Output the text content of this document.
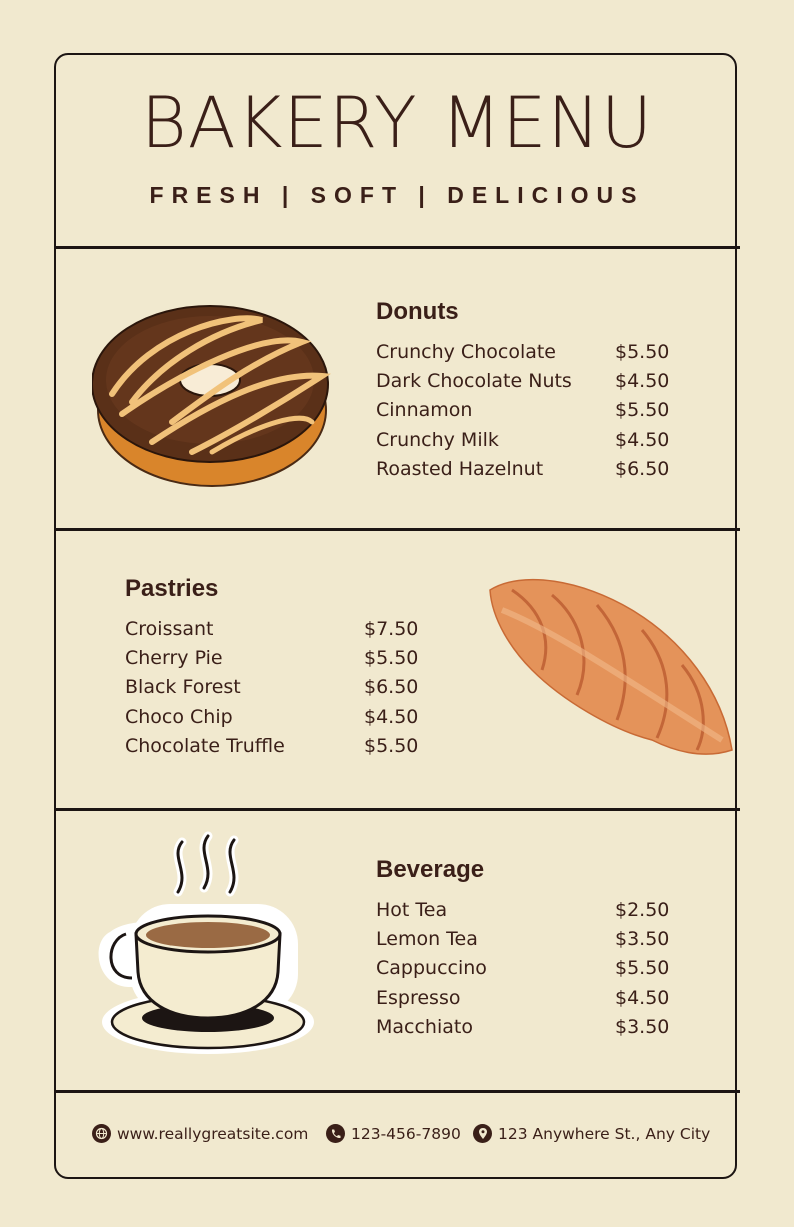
BAKERY MENU
FRESH | SOFT | DELICIOUS
Donuts
Crunchy Chocolate	$5.50
Dark Chocolate Nuts $4.50
Cinnamon	$5.50
Crunchy Milk	$4.50
Roasted Hazelnut	$6.50
Pastries
Croissant	$7.50
Cherry Pie	$5.50
Black Forest	$6.50
Choco Chip	$4.50
Chocolate Truffle	$5.50
Beverage
Hot Tea	$2.50
Lemon Tea	$3.50
Cappuccino	$5.50
Espresso	$4.50
Macchiato	$3.50
www.reallygreatsite.com	123-456-7890 123 Anywhere St., Any City
